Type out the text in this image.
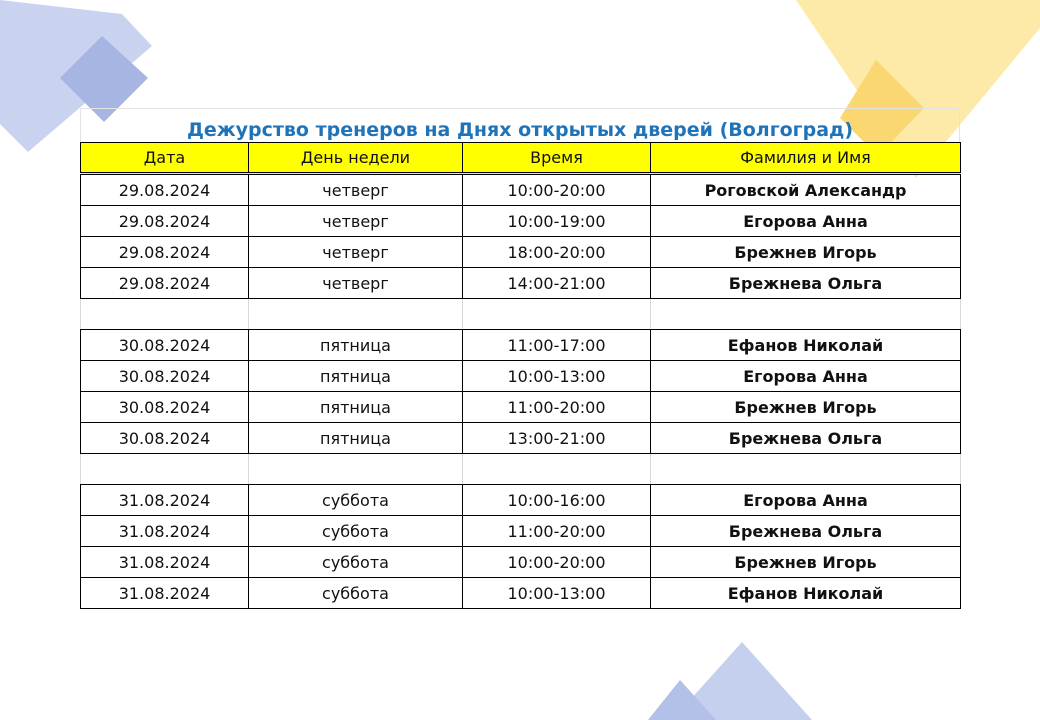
Дежурство тренеров на Днях открытых дверей (Волгоград)
Дата	День недели	Время	Фамилия и Имя
29.08.2024	четверг	10:00-20:00	Роговской Александр
29.08.2024	четверг	10:00-19:00	Егорова Анна
29.08.2024	четверг	18:00-20:00	Брежнев Игорь
29.08.2024	четверг	14:00-21:00	Брежнева Ольга

30.08.2024	пятница	11:00-17:00	Ефанов Николай
30.08.2024	пятница	10:00-13:00	Егорова Анна
30.08.2024	пятница	11:00-20:00	Брежнев Игорь
30.08.2024	пятница	13:00-21:00	Брежнева Ольга

31.08.2024	суббота	10:00-16:00	Егорова Анна
31.08.2024	суббота	11:00-20:00	Брежнева Ольга
31.08.2024	суббота	10:00-20:00	Брежнев Игорь
31.08.2024	суббота	10:00-13:00	Ефанов Николай
